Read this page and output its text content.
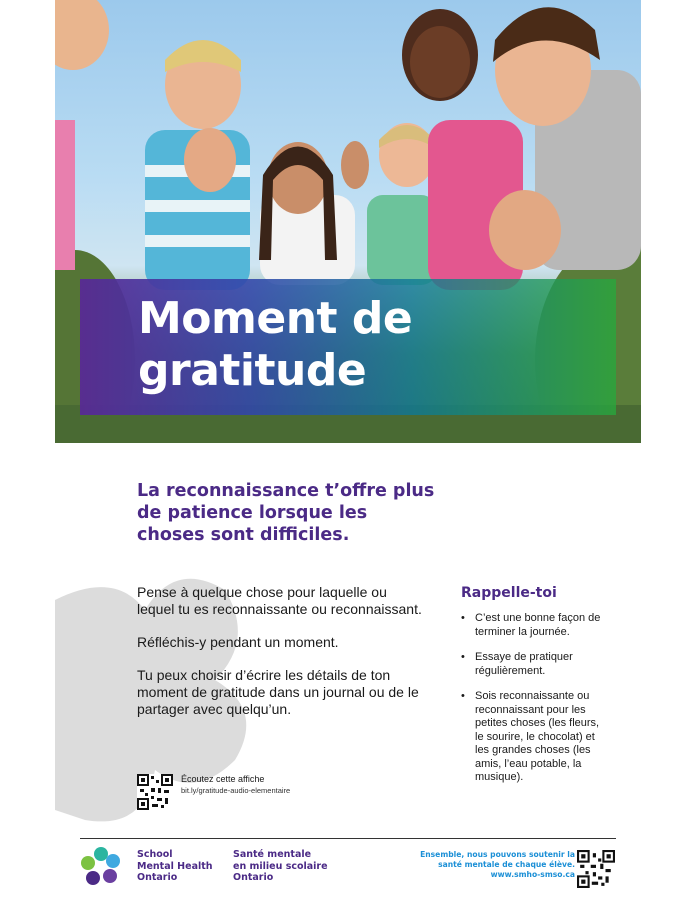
Moment de
gratitude
La reconnaissance t’offre plus de patience lorsque les choses sont difficiles.

Pense à quelque chose pour laquelle ou lequel tu es reconnaissante ou reconnaissant.

Réfléchis-y pendant un moment.

Tu peux choisir d’écrire les détails de ton moment de gratitude dans un journal ou de le partager avec quelqu’un.

Rappelle-toi
• C’est une bonne façon de terminer la journée.
• Essaye de pratiquer régulièrement.
• Sois reconnaissante ou reconnaissant pour les petites choses (les fleurs, le sourire, le chocolat) et les grandes choses (les amis, l’eau potable, la musique).
Écoutez cette affiche
bit.ly/gratitude-audio-elementaire
School
Mental Health
Ontario
Santé mentale
en milieu scolaire
Ontario
Ensemble, nous pouvons soutenir la santé mentale de chaque élève.
www.smho-smso.ca
